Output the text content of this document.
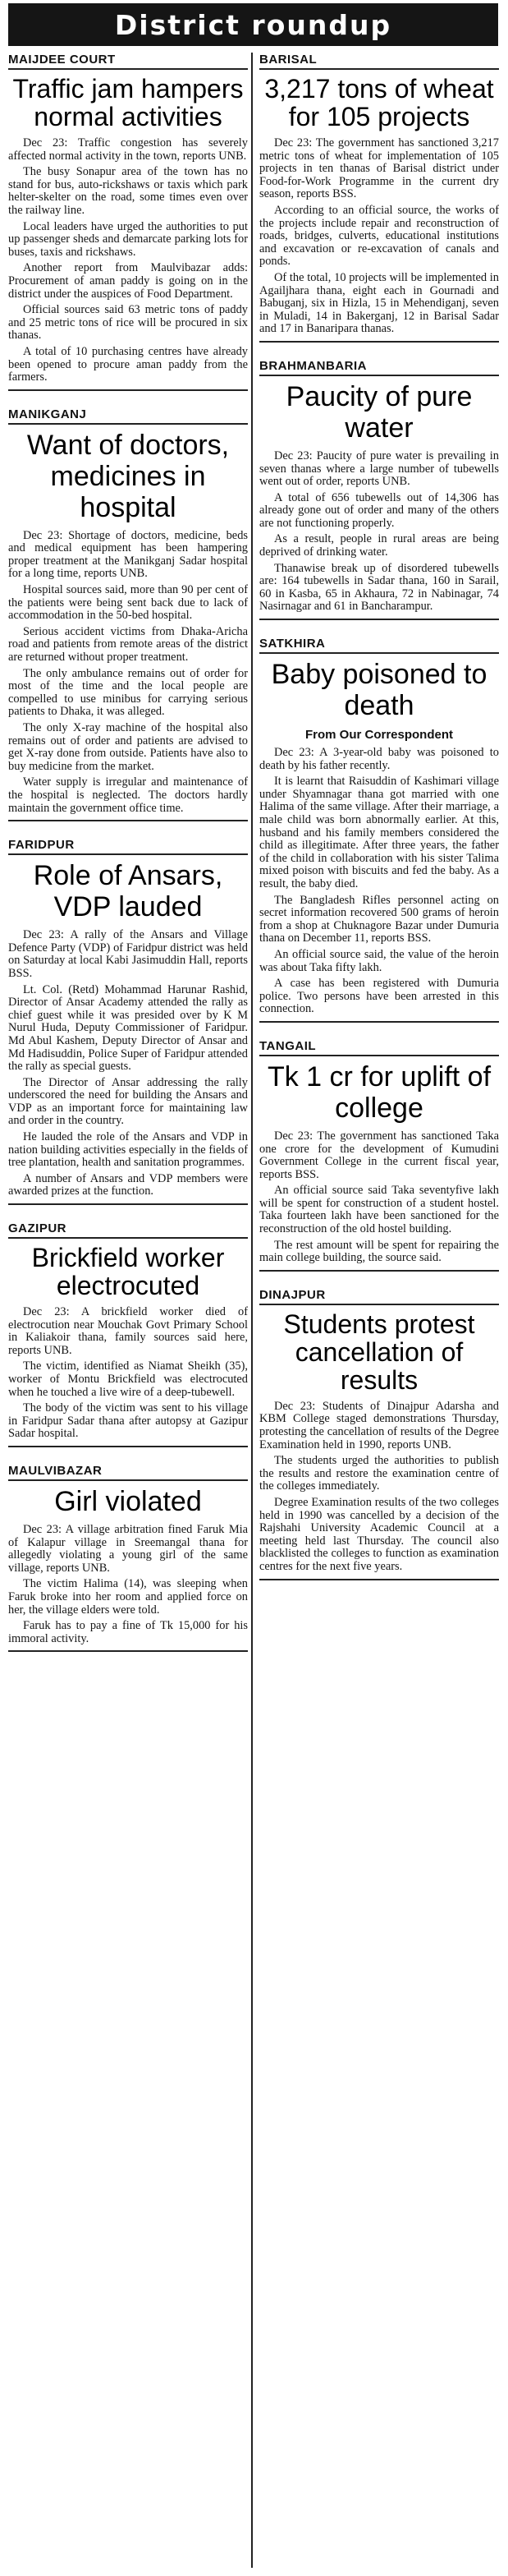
District roundup
MAIJDEE COURT
Traffic jam hampers normal activities

Dec 23: Traffic congestion has severely affected normal activity in the town, reports UNB.

The busy Sonapur area of the town has no stand for bus, auto-rickshaws or taxis which park helter-skelter on the road, some times even over the railway line.

Local leaders have urged the authorities to put up passenger sheds and demarcate parking lots for buses, taxis and rickshaws.

Another report from Maulvibazar adds: Procurement of aman paddy is going on in the district under the auspices of Food Department.

Official sources said 63 metric tons of paddy and 25 metric tons of rice will be procured in six thanas.

A total of 10 purchasing centres have already been opened to procure aman paddy from the farmers.

MANIKGANJ
Want of doctors, medicines in hospital

Dec 23: Shortage of doctors, medicine, beds and medical equipment has been hampering proper treatment at the Manikganj Sadar hospital for a long time, reports UNB.

Hospital sources said, more than 90 per cent of the patients were being sent back due to lack of accommodation in the 50-bed hospital.

Serious accident victims from Dhaka-Aricha road and patients from remote areas of the district are returned without proper treatment.

The only ambulance remains out of order for most of the time and the local people are compelled to use minibus for carrying serious patients to Dhaka, it was alleged.

The only X-ray machine of the hospital also remains out of order and patients are advised to get X-ray done from outside. Patients have also to buy medicine from the market.

Water supply is irregular and maintenance of the hospital is neglected. The doctors hardly maintain the government office time.

FARIDPUR
Role of Ansars, VDP lauded

Dec 23: A rally of the Ansars and Village Defence Party (VDP) of Faridpur district was held on Saturday at local Kabi Jasimuddin Hall, reports BSS.

Lt. Col. (Retd) Mohammad Harunar Rashid, Director of Ansar Academy attended the rally as chief guest while it was presided over by K M Nurul Huda, Deputy Commissioner of Faridpur. Md Abul Kashem, Deputy Director of Ansar and Md Hadisuddin, Police Super of Faridpur attended the rally as special guests.

The Director of Ansar addressing the rally underscored the need for building the Ansars and VDP as an important force for maintaining law and order in the country.

He lauded the role of the Ansars and VDP in nation building activities especially in the fields of tree plantation, health and sanitation programmes.

A number of Ansars and VDP members were awarded prizes at the function.

GAZIPUR
Brickfield worker electrocuted

Dec 23: A brickfield worker died of electrocution near Mouchak Govt Primary School in Kaliakoir thana, family sources said here, reports UNB.

The victim, identified as Niamat Sheikh (35), worker of Montu Brickfield was electrocuted when he touched a live wire of a deep-tubewell.

The body of the victim was sent to his village in Faridpur Sadar thana after autopsy at Gazipur Sadar hospital.

MAULVIBAZAR
Girl violated

Dec 23: A village arbitration fined Faruk Mia of Kalapur village in Sreemangal thana for allegedly violating a young girl of the same village, reports UNB.

The victim Halima (14), was sleeping when Faruk broke into her room and applied force on her, the village elders were told.

Faruk has to pay a fine of Tk 15,000 for his immoral activity.

BARISAL
3,217 tons of wheat for 105 projects

Dec 23: The government has sanctioned 3,217 metric tons of wheat for implementation of 105 projects in ten thanas of Barisal district under Food-for-Work Programme in the current dry season, reports BSS.

According to an official source, the works of the projects include repair and reconstruction of roads, bridges, culverts, educational institutions and excavation or re-excavation of canals and ponds.

Of the total, 10 projects will be implemented in Agailjhara thana, eight each in Gournadi and Babuganj, six in Hizla, 15 in Mehendiganj, seven in Muladi, 14 in Bakerganj, 12 in Barisal Sadar and 17 in Banaripara thanas.

BRAHMANBARIA
Paucity of pure water

Dec 23: Paucity of pure water is prevailing in seven thanas where a large number of tubewells went out of order, reports UNB.

A total of 656 tubewells out of 14,306 has already gone out of order and many of the others are not functioning properly.

As a result, people in rural areas are being deprived of drinking water.

Thanawise break up of disordered tubewells are: 164 tubewells in Sadar thana, 160 in Sarail, 60 in Kasba, 65 in Akhaura, 72 in Nabinagar, 74 Nasirnagar and 61 in Bancharampur.

SATKHIRA
Baby poisoned to death
From Our Correspondent

Dec 23: A 3-year-old baby was poisoned to death by his father recently.

It is learnt that Raisuddin of Kashimari village under Shyamnagar thana got married with one Halima of the same village. After their marriage, a male child was born abnormally earlier. At this, husband and his family members considered the child as illegitimate. After three years, the father of the child in collaboration with his sister Talima mixed poison with biscuits and fed the baby. As a result, the baby died.

The Bangladesh Rifles personnel acting on secret information recovered 500 grams of heroin from a shop at Chuknagore Bazar under Dumuria thana on December 11, reports BSS.

An official source said, the value of the heroin was about Taka fifty lakh.

A case has been registered with Dumuria police. Two persons have been arrested in this connection.

TANGAIL
Tk 1 cr for uplift of college

Dec 23: The government has sanctioned Taka one crore for the development of Kumudini Government College in the current fiscal year, reports BSS.

An official source said Taka seventyfive lakh will be spent for construction of a student hostel. Taka fourteen lakh have been sanctioned for the reconstruction of the old hostel building.

The rest amount will be spent for repairing the main college building, the source said.

DINAJPUR
Students protest cancellation of results

Dec 23: Students of Dinajpur Adarsha and KBM College staged demonstrations Thursday, protesting the cancellation of results of the Degree Examination held in 1990, reports UNB.

The students urged the authorities to publish the results and restore the examination centre of the colleges immediately.

Degree Examination results of the two colleges held in 1990 was cancelled by a decision of the Rajshahi University Academic Council at a meeting held last Thursday. The council also blacklisted the colleges to function as examination centres for the next five years.
